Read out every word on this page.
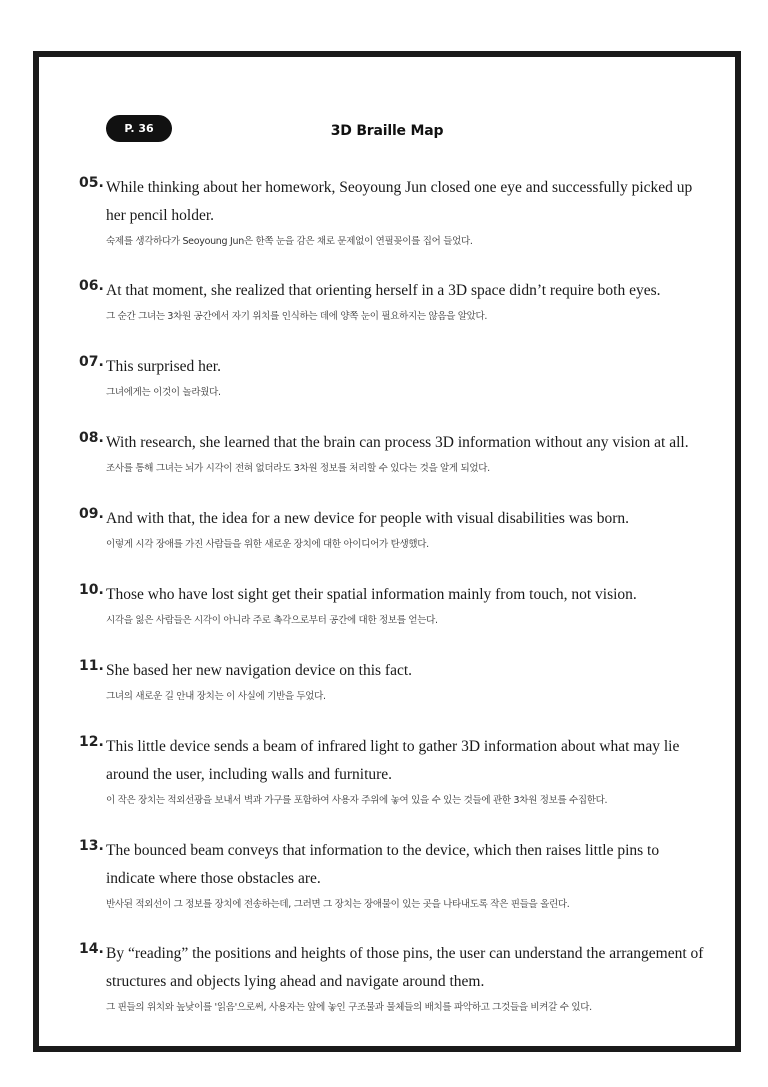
P. 36	3D Braille Map
05. While thinking about her homework, Seoyoung Jun closed one eye and successfully picked up her pencil holder.

숙제를 생각하다가 Seoyoung Jun은 한쪽 눈을 감은 채로 문제없이 연필꽂이를 집어 들었다.
06. At that moment, she realized that orienting herself in a 3D space didn’t require both eyes.

그 순간 그녀는 3차원 공간에서 자기 위치를 인식하는 데에 양쪽 눈이 필요하지는 않음을 알았다.
07. This surprised her.

그녀에게는 이것이 놀라웠다.
08. With research, she learned that the brain can process 3D information without any vision at all.

조사를 통해 그녀는 뇌가 시각이 전혀 없더라도 3차원 정보를 처리할 수 있다는 것을 알게 되었다.
09. And with that, the idea for a new device for people with visual disabilities was born.

이렇게 시각 장애를 가진 사람들을 위한 새로운 장치에 대한 아이디어가 탄생했다.
10. Those who have lost sight get their spatial information mainly from touch, not vision.

시각을 잃은 사람들은 시각이 아니라 주로 촉각으로부터 공간에 대한 정보를 얻는다.
11. She based her new navigation device on this fact.

그녀의 새로운 길 안내 장치는 이 사실에 기반을 두었다.
12. This little device sends a beam of infrared light to gather 3D information about what may lie around the user, including walls and furniture.

이 작은 장치는 적외선광을 보내서 벽과 가구를 포함하여 사용자 주위에 놓여 있을 수 있는 것들에 관한 3차원 정보를 수집한다.
13. The bounced beam conveys that information to the device, which then raises little pins to indicate where those obstacles are.

반사된 적외선이 그 정보를 장치에 전송하는데, 그러면 그 장치는 장애물이 있는 곳을 나타내도록 작은 핀들을 올린다.
14. By “reading” the positions and heights of those pins, the user can understand the arrangement of structures and objects lying ahead and navigate around them.

그 핀들의 위치와 높낮이를 '읽음'으로써, 사용자는 앞에 놓인 구조물과 물체들의 배치를 파악하고 그것들을 비켜갈 수 있다.
